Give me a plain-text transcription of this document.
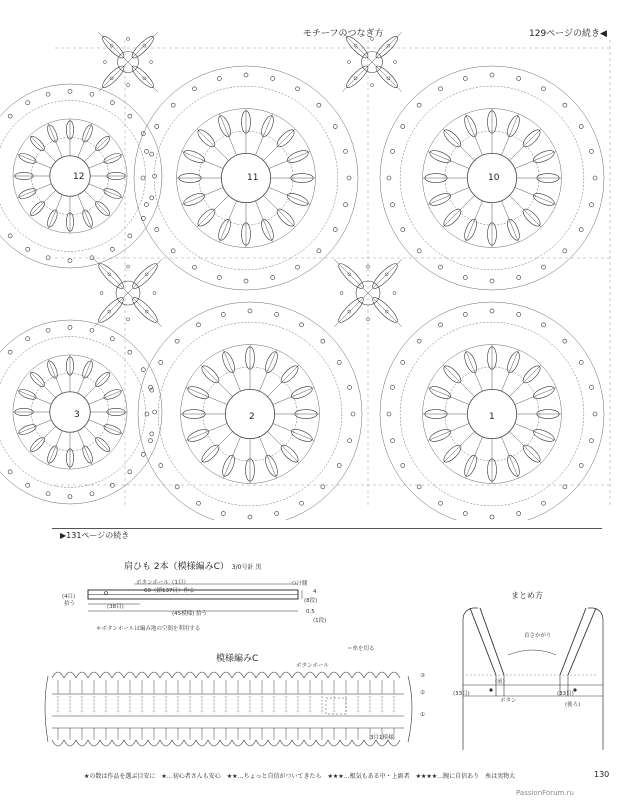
モチーフのつなぎ方	129ページの続き◀
12	11	10
3	2	1
▶131ページの続き
肩ひも 2本（模様編みC） 3/0号針 黒
ボタンホール（1目）
60（鎖137目）作る
(4目)
拾う	(38目)
(45模様) 拾う
つけ側
4
(8段)
0.5
(1段)
＊ボタンホールは編み地の空間を利用する
模様編みC
＝糸を切る
ボタンホール
③
②
①
3目1模様
まとめ方
首さかがり
(前)
(33目)	(33目)
ボタン
(後ろ)
★の数は作品を選ぶ目安に　★…初心者さんも安心　★★…ちょっと自信がついてきたら　★★★…根気もある中・上級者　★★★★…腕に自信あり　糸は実物大	130
PassionForum.ru
